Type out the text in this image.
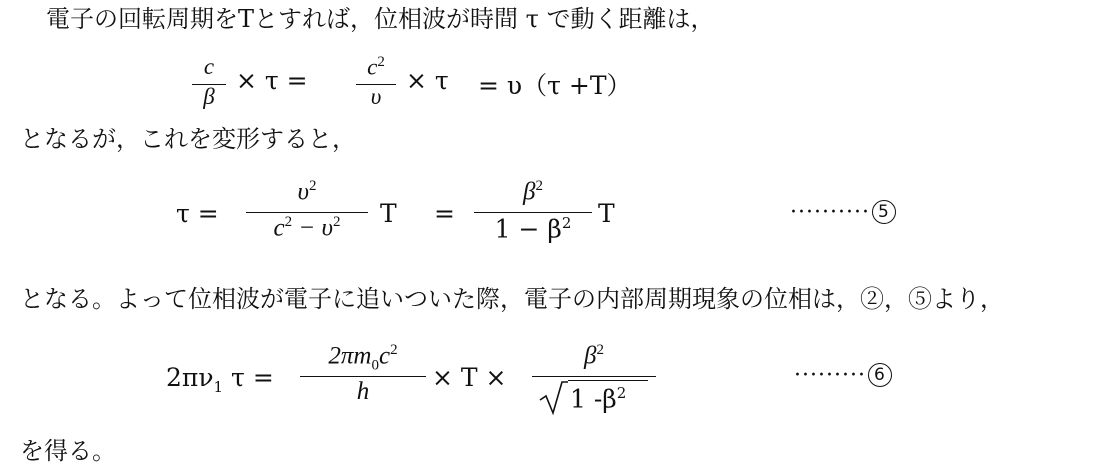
電子の回転周期をTとすれば，位相波が時間 τ で動く距離は，
c
β
× τ =	$c^2$
υ
× τ = υ（τ +T）
となるが，これを変形すると，
τ =
$\upsilon^2$
$c^2 - \upsilon^2$	T =
$\beta^2$
$1 - \beta^2$	T	·········· 5
となる。よって位相波が電子に追いついた際，電子の内部周期現象の位相は，②，⑤より，
$2\pi\nu_1$ τ =
$2\pi m_0c^2$
h	× T ×
$\beta^2$
1 $-\beta^2$
········· 6
を得る。
